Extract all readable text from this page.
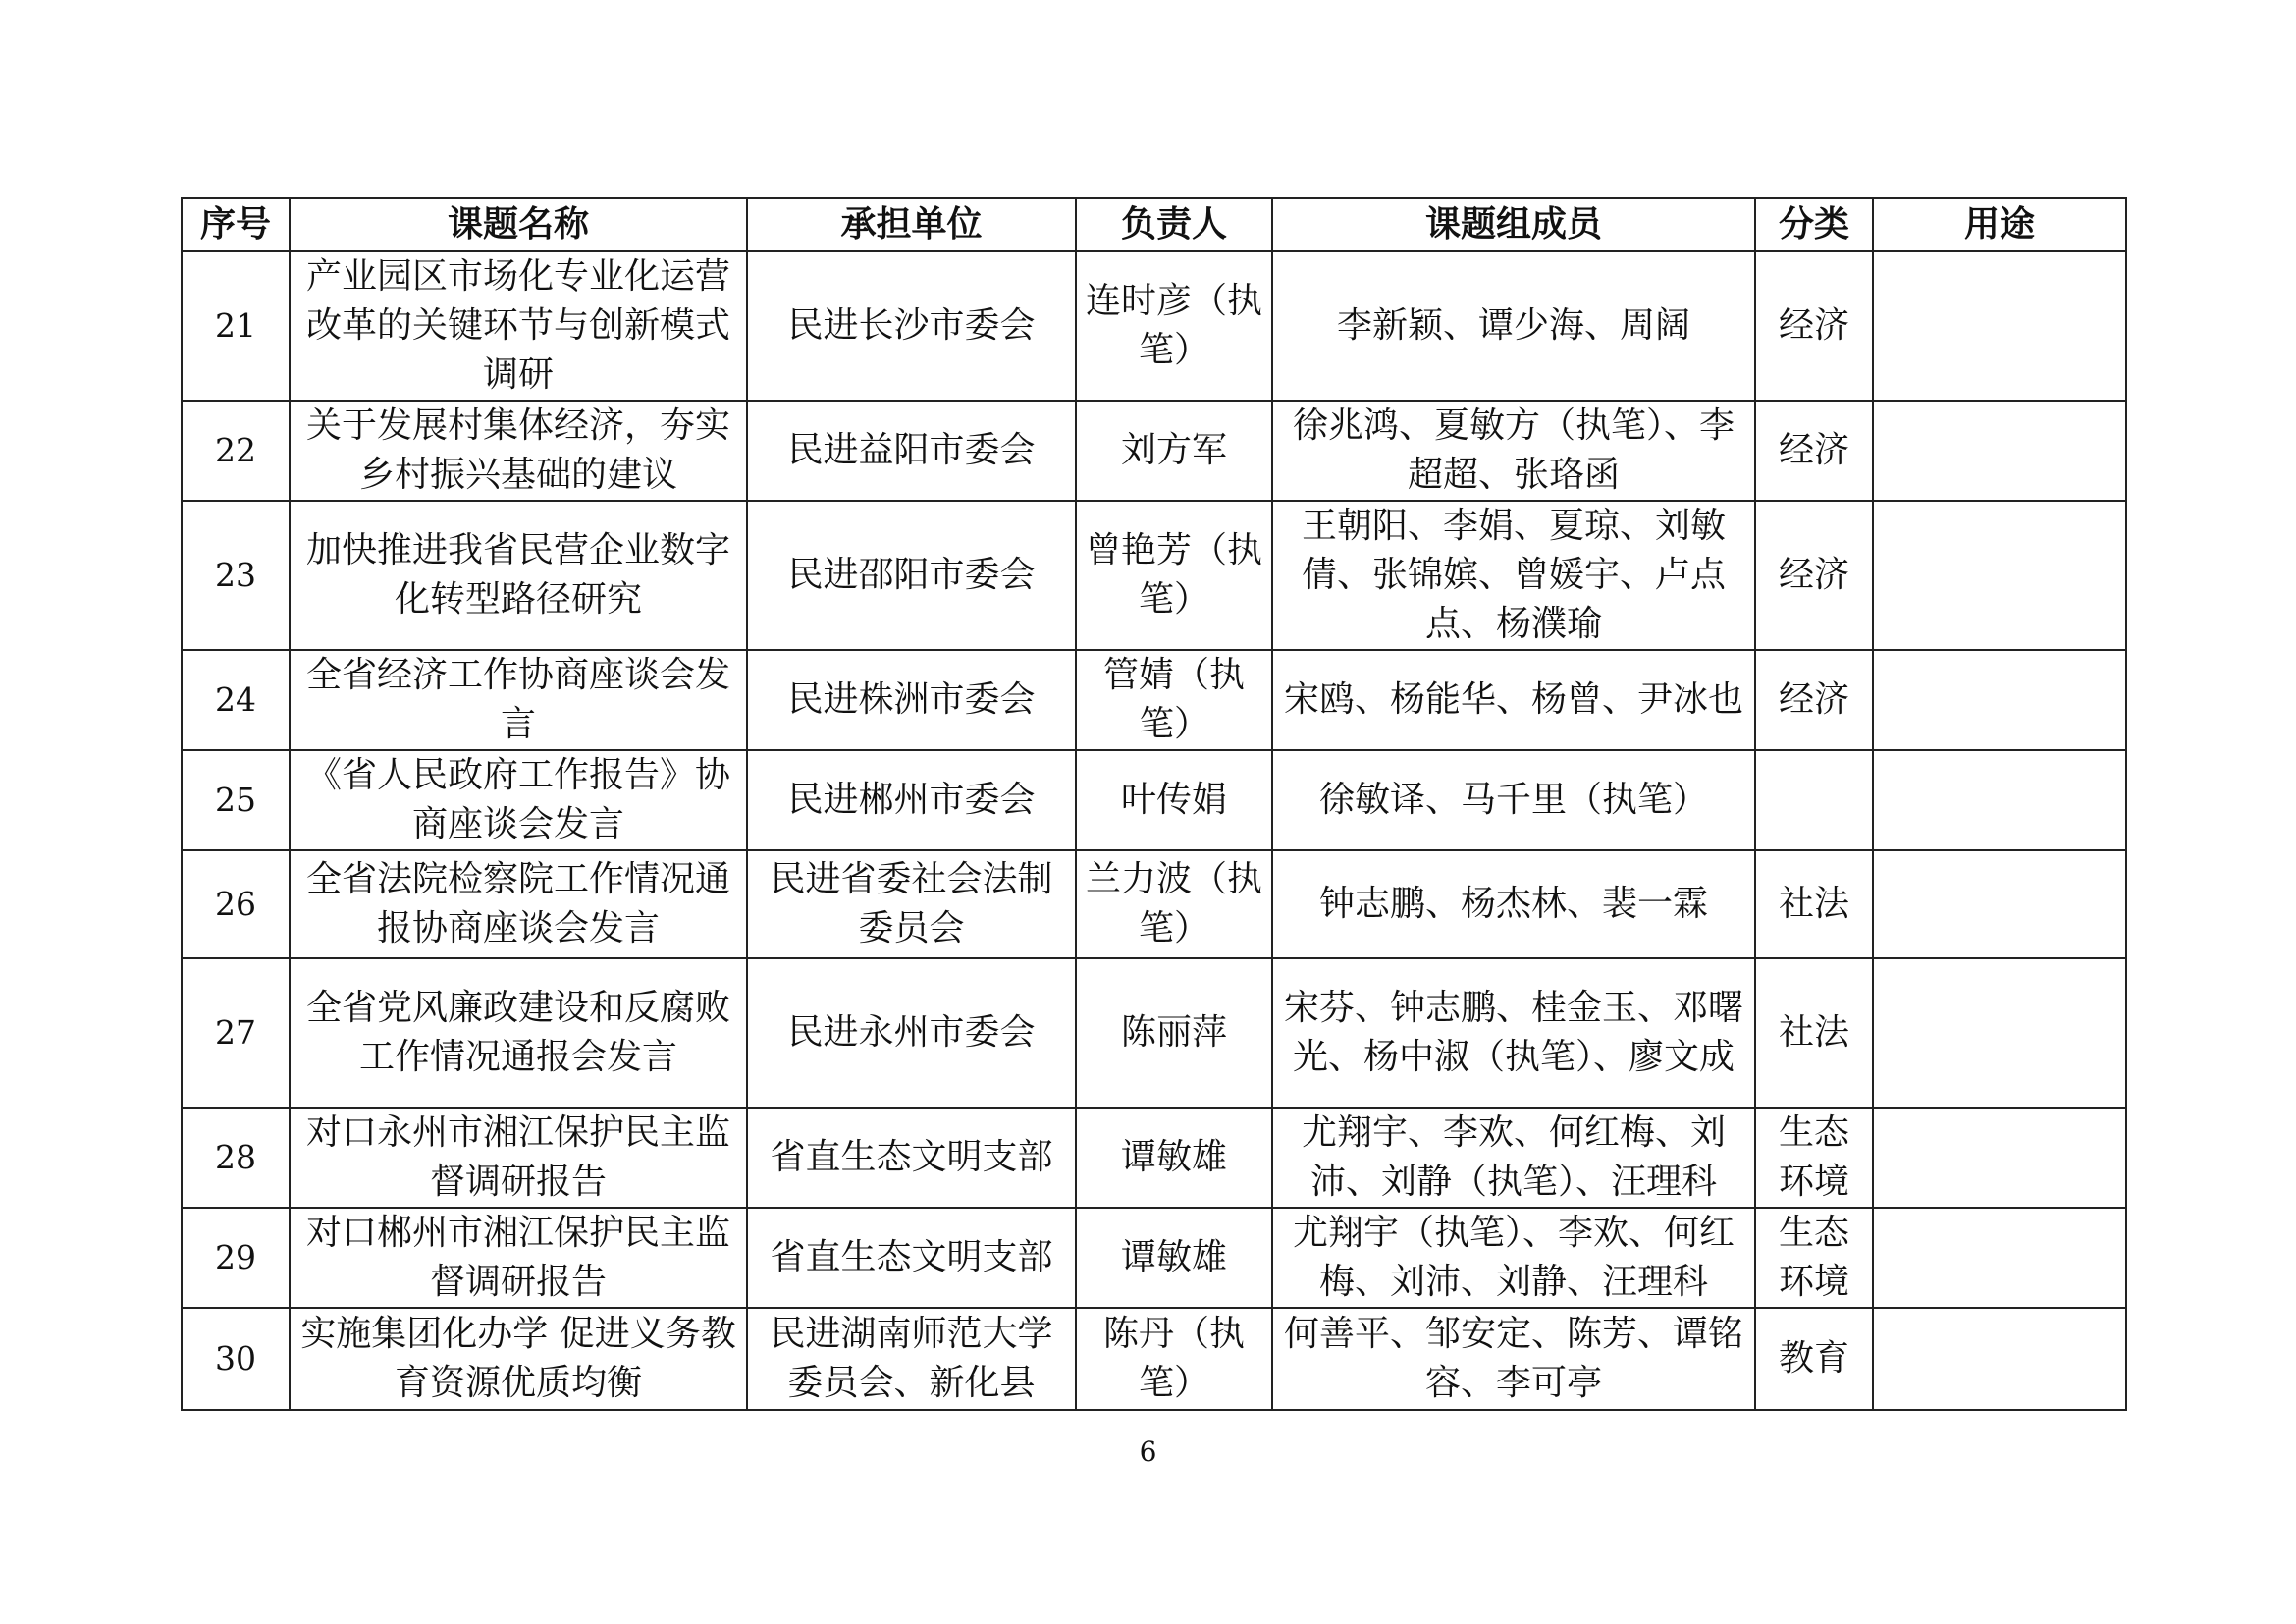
序号	课题名称	承担单位	负责人	课题组成员	分类	用途
21	产业园区市场化专业化运营改革的关键环节与创新模式调研	民进长沙市委会	连时彦（执笔）	李新颖、谭少海、周阔	经济	
22	关于发展村集体经济，夯实乡村振兴基础的建议	民进益阳市委会	刘方军	徐兆鸿、夏敏方（执笔）、李超超、张珞函	经济	
23	加快推进我省民营企业数字化转型路径研究	民进邵阳市委会	曾艳芳（执笔）	王朝阳、李娟、夏琼、刘敏倩、张锦嫔、曾媛宇、卢点点、杨濮瑜	经济	
24	全省经济工作协商座谈会发言	民进株洲市委会	管婧（执笔）	宋鸥、杨能华、杨曾、尹冰也	经济	
25	《省人民政府工作报告》协商座谈会发言	民进郴州市委会	叶传娟	徐敏译、马千里（执笔）		
26	全省法院检察院工作情况通报协商座谈会发言	民进省委社会法制委员会	兰力波（执笔）	钟志鹏、杨杰林、裴一霖	社法	
27	全省党风廉政建设和反腐败工作情况通报会发言	民进永州市委会	陈丽萍	宋芬、钟志鹏、桂金玉、邓曙光、杨中淑（执笔）、廖文成	社法	
28	对口永州市湘江保护民主监督调研报告	省直生态文明支部	谭敏雄	尤翔宇、李欢、何红梅、刘沛、刘静（执笔）、汪理科	生态环境	
29	对口郴州市湘江保护民主监督调研报告	省直生态文明支部	谭敏雄	尤翔宇（执笔）、李欢、何红梅、刘沛、刘静、汪理科	生态环境	
30	实施集团化办学 促进义务教育资源优质均衡	民进湖南师范大学委员会、新化县	陈丹（执笔）	何善平、邹安定、陈芳、谭铭容、李可亭	教育	
6
